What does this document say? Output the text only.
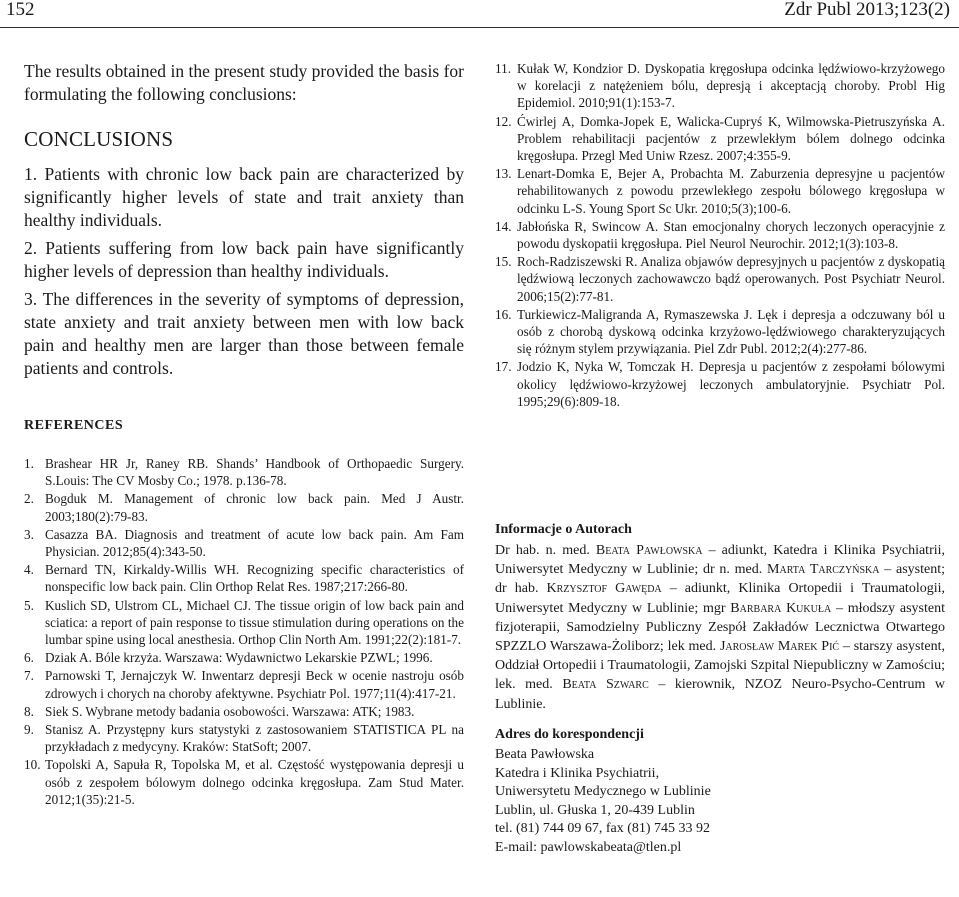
152	Zdr Publ 2013;123(2)

The results obtained in the present study provided the basis for formulating the following conclusions:

CONCLUSIONS
1. Patients with chronic low back pain are characterized by significantly higher levels of state and trait anxiety than healthy individuals.
2. Patients suffering from low back pain have significantly higher levels of depression than healthy individuals.
3. The differences in the severity of symptoms of depression, state anxiety and trait anxiety between men with low back pain and healthy men are larger than those between female patients and controls.
REFERENCES
1. Brashear HR Jr, Raney RB. Shands’ Handbook of Orthopaedic Surgery. S.Louis: The CV Mosby Co.; 1978. p.136-78.
2. Bogduk M. Management of chronic low back pain. Med J Austr. 2003;180(2):79-83.
3. Casazza BA. Diagnosis and treatment of acute low back pain. Am Fam Physician. 2012;85(4):343-50.
4. Bernard TN, Kirkaldy-Willis WH. Recognizing specific characteristics of nonspecific low back pain. Clin Orthop Relat Res. 1987;217:266-80.
5. Kuslich SD, Ulstrom CL, Michael CJ. The tissue origin of low back pain and sciatica: a report of pain response to tissue stimulation during operations on the lumbar spine using local anesthesia. Orthop Clin North Am. 1991;22(2):181-7.
6. Dziak A. Bóle krzyża. Warszawa: Wydawnictwo Lekarskie PZWL; 1996.
7. Parnowski T, Jernajczyk W. Inwentarz depresji Beck w ocenie nastroju osób zdrowych i chorych na choroby afektywne. Psychiatr Pol. 1977;11(4):417-21.
8. Siek S. Wybrane metody badania osobowości. Warszawa: ATK; 1983.
9. Stanisz A. Przystępny kurs statystyki z zastosowaniem STATISTICA PL na przykładach z medycyny. Kraków: StatSoft; 2007.
10. Topolski A, Sapuła R, Topolska M, et al. Częstość występowania depresji u osób z zespołem bólowym dolnego odcinka kręgosłupa. Zam Stud Mater. 2012;1(35):21-5.
11. Kułak W, Kondzior D. Dyskopatia kręgosłupa odcinka lędźwiowo-krzyżowego w korelacji z natężeniem bólu, depresją i akceptacją choroby. Probl Hig Epidemiol. 2010;91(1):153-7.
12. Ćwirlej A, Domka-Jopek E, Walicka-Cupryś K, Wilmowska-Pietruszyńska A. Problem rehabilitacji pacjentów z przewlekłym bólem dolnego odcinka kręgosłupa. Przegl Med Uniw Rzesz. 2007;4:355-9.
13. Lenart-Domka E, Bejer A, Probachta M. Zaburzenia depresyjne u pacjentów rehabilitowanych z powodu przewlekłego zespołu bólowego kręgosłupa w odcinku L-S. Young Sport Sc Ukr. 2010;5(3);100-6.
14. Jabłońska R, Swincow A. Stan emocjonalny chorych leczonych operacyjnie z powodu dyskopatii kręgosłupa. Piel Neurol Neurochir. 2012;1(3):103-8.
15. Roch-Radziszewski R. Analiza objawów depresyjnych u pacjentów z dyskopatią lędźwiową leczonych zachowawczo bądź operowanych. Post Psychiatr Neurol. 2006;15(2):77-81.
16. Turkiewicz-Maligranda A, Rymaszewska J. Lęk i depresja a odczuwany ból u osób z chorobą dyskową odcinka krzyżowo-lędźwiowego charakteryzujących się różnym stylem przywiązania. Piel Zdr Publ. 2012;2(4):277-86.
17. Jodzio K, Nyka W, Tomczak H. Depresja u pacjentów z zespołami bólowymi okolicy lędźwiowo-krzyżowej leczonych ambulatoryjnie. Psychiatr Pol. 1995;29(6):809-18.
Informacje o Autorach

Dr hab. n. med. Beata Pawłowska – adiunkt, Katedra i Klinika Psychiatrii, Uniwersytet Medyczny w Lublinie; dr n. med. Marta Tarczyńska – asystent; dr hab. Krzysztof Gawęda – adiunkt, Klinika Ortopedii i Traumatologii, Uniwersytet Medyczny w Lublinie; mgr Barbara Kukuła – młodszy asystent fizjoterapii, Samodzielny Publiczny Zespół Zakładów Lecznictwa Otwartego SPZZLO Warszawa-Żoliborz; lek med. Jarosław Marek Pić – starszy asystent, Oddział Ortopedii i Traumatologii, Zamojski Szpital Niepubliczny w Zamościu; lek. med. Beata Szwarc – kierownik, NZOZ Neuro-Psycho-Centrum w Lublinie.

Adres do korespondencji

Beata Pawłowska

Katedra i Klinika Psychiatrii,

Uniwersytetu Medycznego w Lublinie

Lublin, ul. Głuska 1, 20-439 Lublin

tel. (81) 744 09 67, fax (81) 745 33 92

E-mail: pawlowskabeata@tlen.pl
